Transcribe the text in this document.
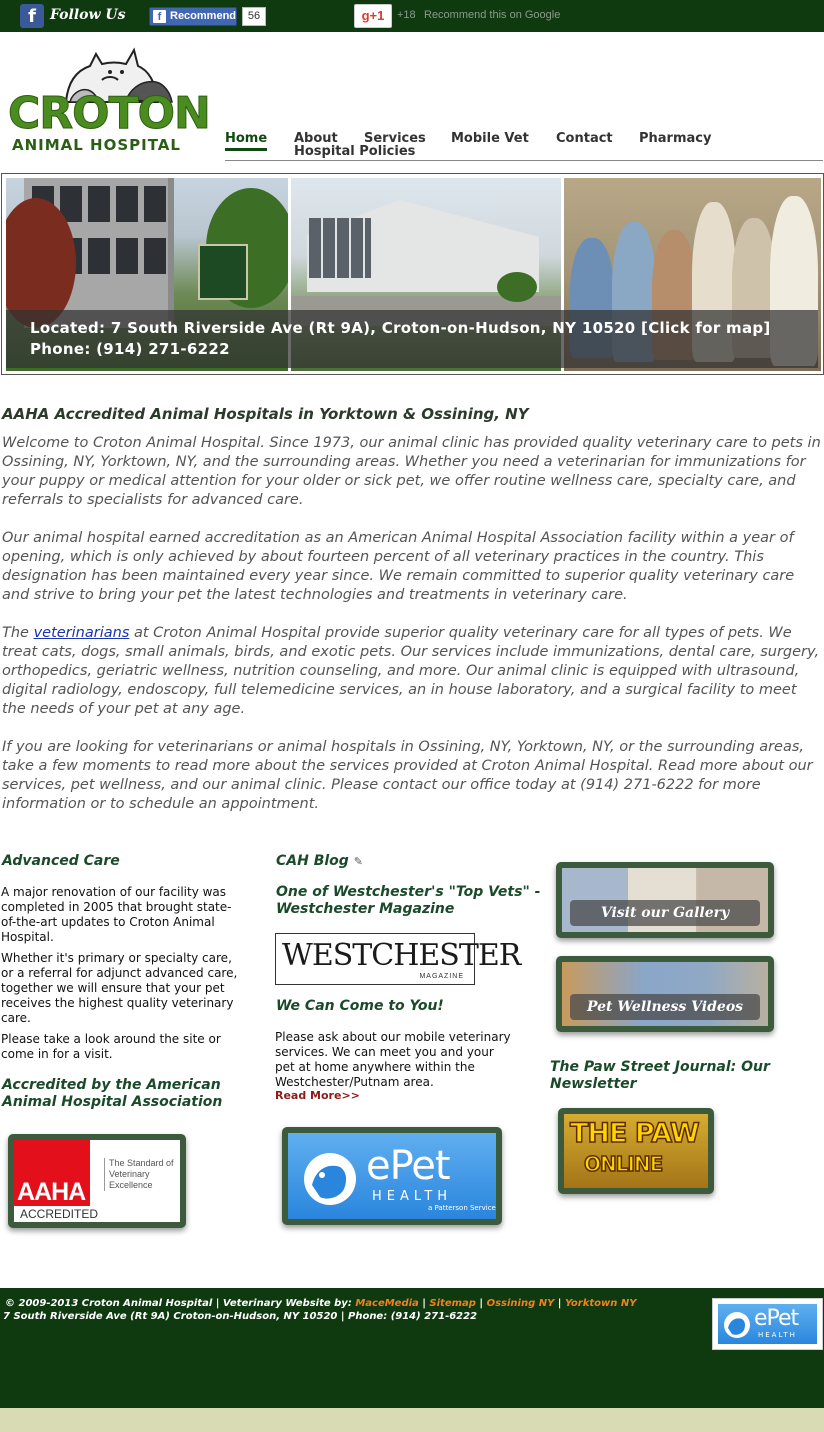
f	Follow Us	f Recommend	56	g+1	+18 Recommend this on Google
CROTON
ANIMAL HOSPITAL	Home About Services Mobile Vet Contact Pharmacy
Hospital Policies
Located: 7 South Riverside Ave (Rt 9A), Croton-on-Hudson, NY 10520 [Click for map]
Phone: (914) 271-6222
AAHA Accredited Animal Hospitals in Yorktown & Ossining, NY
Welcome to Croton Animal Hospital. Since 1973, our animal clinic has provided quality veterinary care to pets in Ossining, NY, Yorktown, NY, and the surrounding areas. Whether you need a veterinarian for immunizations for your puppy or medical attention for your older or sick pet, we offer routine wellness care, specialty care, and referrals to specialists for advanced care.
Our animal hospital earned accreditation as an American Animal Hospital Association facility within a year of opening, which is only achieved by about fourteen percent of all veterinary practices in the country. This designation has been maintained every year since. We remain committed to superior quality veterinary care and strive to bring your pet the latest technologies and treatments in veterinary care.
The veterinarians at Croton Animal Hospital provide superior quality veterinary care for all types of pets. We treat cats, dogs, small animals, birds, and exotic pets. Our services include immunizations, dental care, surgery, orthopedics, geriatric wellness, nutrition counseling, and more. Our animal clinic is equipped with ultrasound, digital radiology, endoscopy, full telemedicine services, an in house laboratory, and a surgical facility to meet the needs of your pet at any age.
If you are looking for veterinarians or animal hospitals in Ossining, NY, Yorktown, NY, or the surrounding areas, take a few moments to read more about the services provided at Croton Animal Hospital. Read more about our services, pet wellness, and our animal clinic. Please contact our office today at (914) 271-6222 for more information or to schedule an appointment.
Advanced Care
A major renovation of our facility was completed in 2005 that brought state-of-the-art updates to Croton Animal Hospital.
Whether it's primary or specialty care, or a referral for adjunct advanced care, together we will ensure that your pet receives the highest quality veterinary care.
Please take a look around the site or come in for a visit.
Accredited by the American Animal Hospital Association
AAHA
ACCREDITED
The Standard of Veterinary Excellence
CAH Blog ✎
One of Westchester's "Top Vets" - Westchester Magazine
WESTCHESTER
MAGAZINE
We Can Come to You!
Please ask about our mobile veterinary services. We can meet you and your pet at home anywhere within the Westchester/Putnam area.
Read More>>
ePet
HEALTH
a Patterson Service
Visit our Gallery
Pet Wellness Videos
The Paw Street Journal: Our Newsletter
THE PAW
ONLINE
© 2009-2013 Croton Animal Hospital | Veterinary Website by: MaceMedia | Sitemap | Ossining NY | Yorktown NY
7 South Riverside Ave (Rt 9A) Croton-on-Hudson, NY 10520 | Phone: (914) 271-6222	ePet
HEALTH
